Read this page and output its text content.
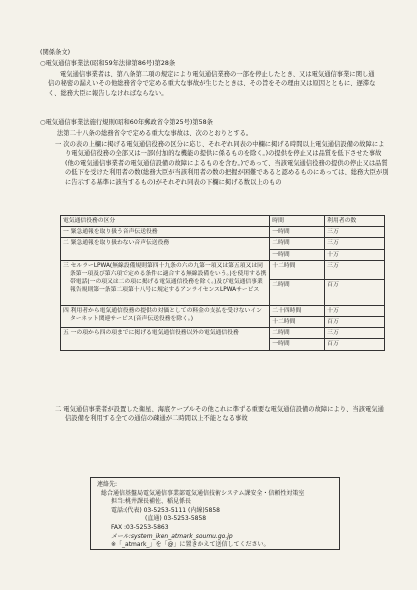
(関係条文)
○電気通信事業法(昭和59年法律第86号)第28条
電気通信事業者は、第八条第二項の規定により電気通信業務の一部を停止したとき、又は電気通信事業に関し通信の秘密の漏えいその他総務省令で定める重大な事故が生じたときは、その旨をその理由又は原因とともに、遅滞なく、総務大臣に報告しなければならない。
○電気通信事業法施行規則(昭和60年郵政省令第25号)第58条
法第二十八条の総務省令で定める重大な事故は、次のとおりとする。
一 次の表の上欄に掲げる電気通信役務の区分に応じ、それぞれ同表の中欄に掲げる時間以上電気通信設備の故障により電気通信役務の全部又は一部(付加的な機能の提供に係るものを除く。)の提供を停止又は品質を低下させた事故(他の電気通信事業者の電気通信設備の故障によるものを含む。)であって、当該電気通信役務の提供の停止又は品質の低下を受けた利用者の数(総務大臣が当該利用者の数の把握が困難であると認めるものにあっては、総務大臣が別に告示する基準に該当するもの)がそれぞれ同表の下欄に掲げる数以上のもの
電気通信役務の区分	時間	利用者の数
一 緊急通報を取り扱う音声伝送役務	一時間	三万
二 緊急通報を取り扱わない音声伝送役務	二時間	三万
	一時間	十万
三 セルラーLPWA(無線設備規則第四十九条の六の九第一項又は第五項又は同条第一項及び第六項で定める条件に適合する無線設備をいう。)を使用する携帯電話(一の項又は二の項に掲げる電気通信役務を除く。)及び電気通信事業報告規則第一条第二項第十八号に規定するアンライセンスLPWAサービス	十二時間	三万
	二時間	百万
四 利用者から電気通信役務の提供の対価としての料金の支払を受けないインターネット関連サービス(音声伝送役務を除く。)	二十四時間	十万
	十二時間	百万
五 一の項から四の項までに掲げる電気通信役務以外の電気通信役務	二時間	三万
	一時間	百万
二 電気通信事業者が設置した衛星、海底ケーブルその他これに準ずる重要な電気通信設備の故障により、当該電気通信設備を利用する全ての通信の疎通が二時間以上不能となる事故
連絡先:
総合通信基盤局電気通信事業部電気通信技術システム課安全・信頼性対策室
担当:桃井課長補佐、稲見係長
電話:(代表) 03-5253-5111 (内線)5858
(直通) 03-5253-5858
FAX :03-5253-5863
メール:system_iken_atmark_soumu.go.jp
※「_atmark_」を「@」に置きかえて送信してください。
